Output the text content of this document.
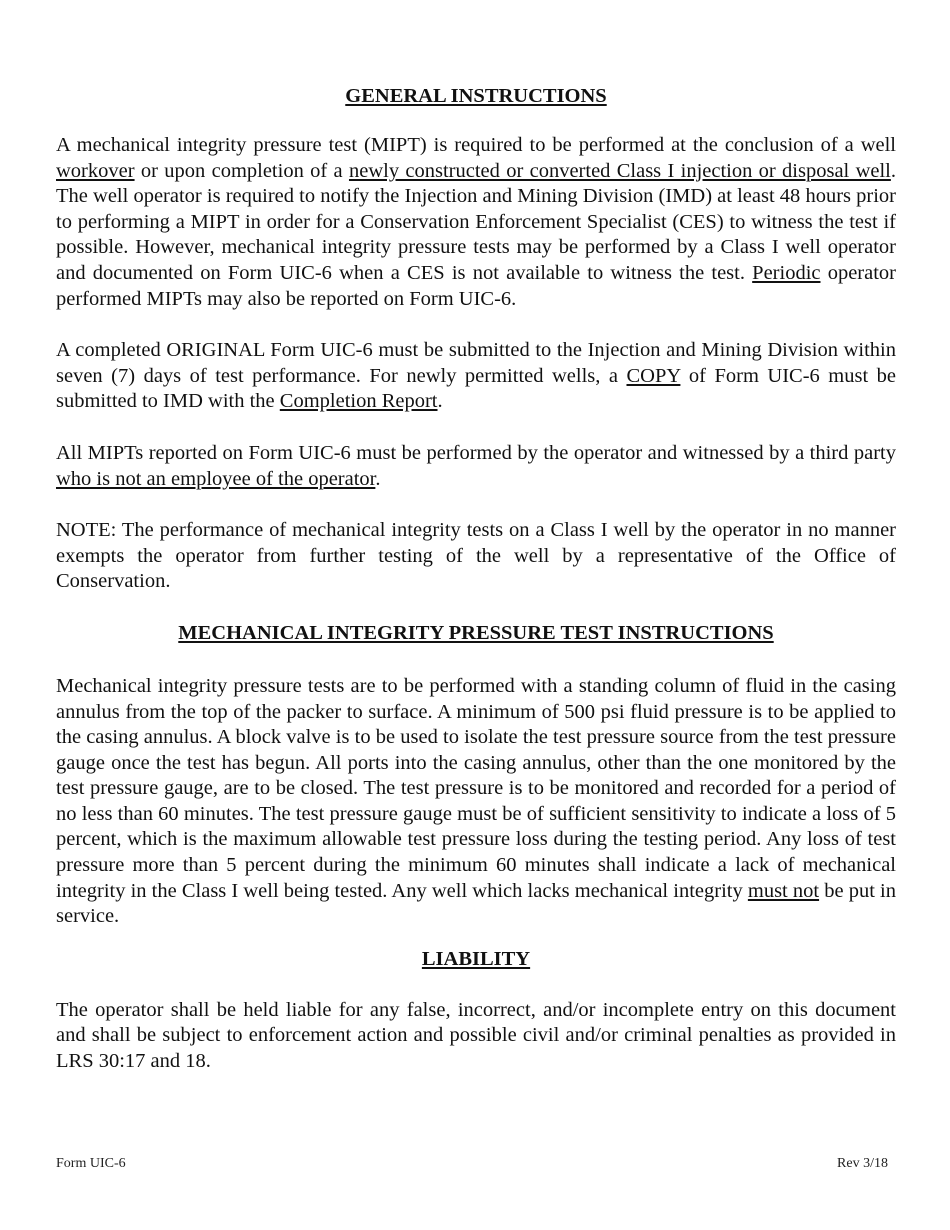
GENERAL INSTRUCTIONS

A mechanical integrity pressure test (MIPT) is required to be performed at the conclusion of a well workover or upon completion of a newly constructed or converted Class I injection or disposal well. The well operator is required to notify the Injection and Mining Division (IMD) at least 48 hours prior to performing a MIPT in order for a Conservation Enforcement Specialist (CES) to witness the test if possible. However, mechanical integrity pressure tests may be performed by a Class I well operator and documented on Form UIC-6 when a CES is not available to witness the test. Periodic operator performed MIPTs may also be reported on Form UIC-6.

A completed ORIGINAL Form UIC-6 must be submitted to the Injection and Mining Division within seven (7) days of test performance. For newly permitted wells, a COPY of Form UIC-6 must be submitted to IMD with the Completion Report.

All MIPTs reported on Form UIC-6 must be performed by the operator and witnessed by a third party who is not an employee of the operator.

NOTE: The performance of mechanical integrity tests on a Class I well by the operator in no manner exempts the operator from further testing of the well by a representative of the Office of Conservation.

MECHANICAL INTEGRITY PRESSURE TEST INSTRUCTIONS

Mechanical integrity pressure tests are to be performed with a standing column of fluid in the casing annulus from the top of the packer to surface. A minimum of 500 psi fluid pressure is to be applied to the casing annulus. A block valve is to be used to isolate the test pressure source from the test pressure gauge once the test has begun. All ports into the casing annulus, other than the one monitored by the test pressure gauge, are to be closed. The test pressure is to be monitored and recorded for a period of no less than 60 minutes. The test pressure gauge must be of sufficient sensitivity to indicate a loss of 5 percent, which is the maximum allowable test pressure loss during the testing period. Any loss of test pressure more than 5 percent during the minimum 60 minutes shall indicate a lack of mechanical integrity in the Class I well being tested. Any well which lacks mechanical integrity must not be put in service.

LIABILITY

The operator shall be held liable for any false, incorrect, and/or incomplete entry on this document and shall be subject to enforcement action and possible civil and/or criminal penalties as provided in LRS 30:17 and 18.

Form UIC-6	Rev 3/18
